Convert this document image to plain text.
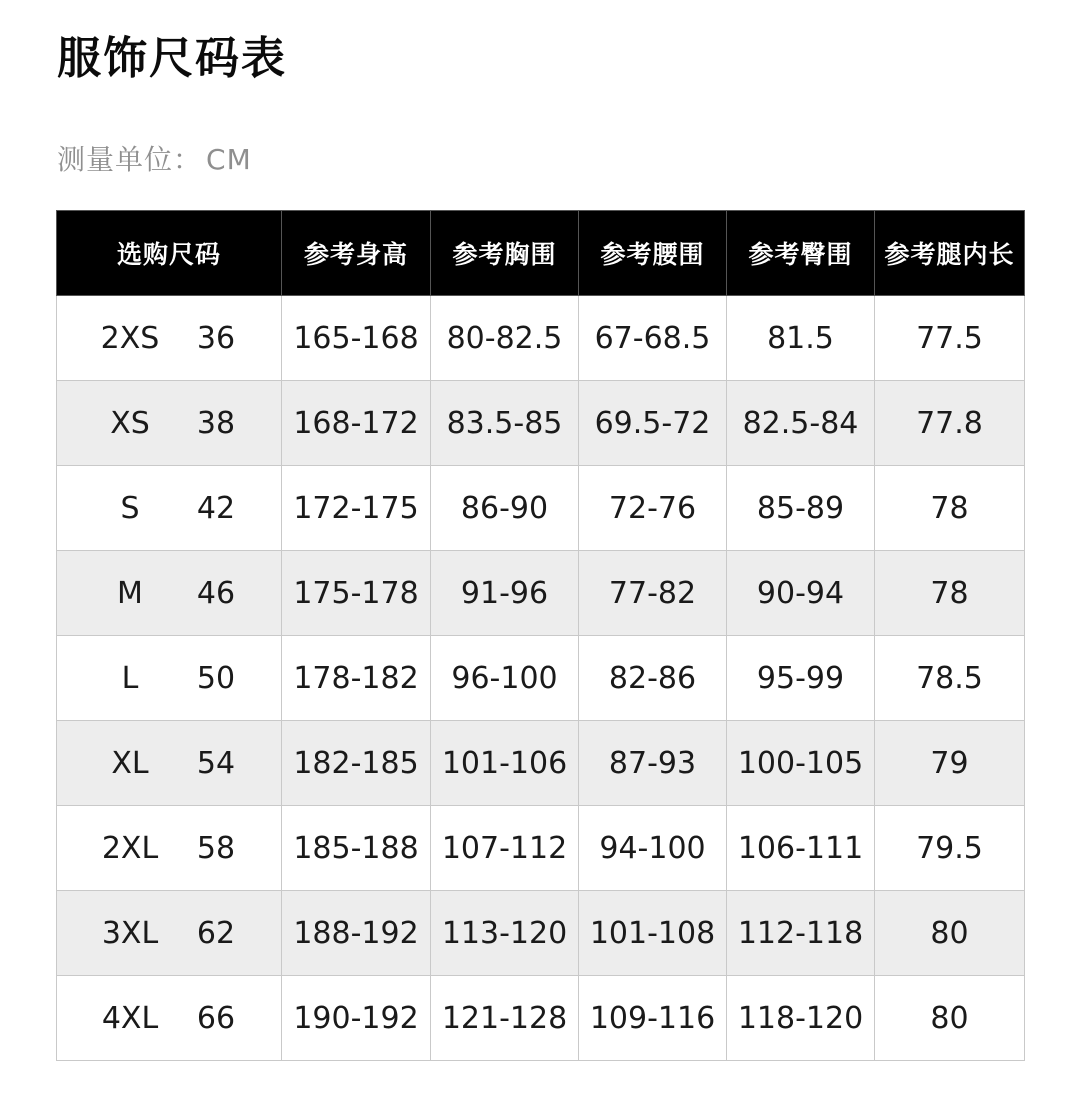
服饰尺码表
测量单位： CM
选购尺码	参考身高	参考胸围	参考腰围	参考臀围	参考腿内长

2XS 36	165-168	80-82.5	67-68.5	81.5	77.5

XS 38	168-172	83.5-85	69.5-72	82.5-84	77.8

S 42	172-175	86-90	72-76	85-89	78

M 46	175-178	91-96	77-82	90-94	78

L 50	178-182	96-100	82-86	95-99	78.5

XL 54	182-185	101-106	87-93	100-105	79

2XL 58	185-188	107-112	94-100	106-111	79.5

3XL 62	188-192	113-120	101-108	112-118	80

4XL 66	190-192	121-128	109-116	118-120	80
